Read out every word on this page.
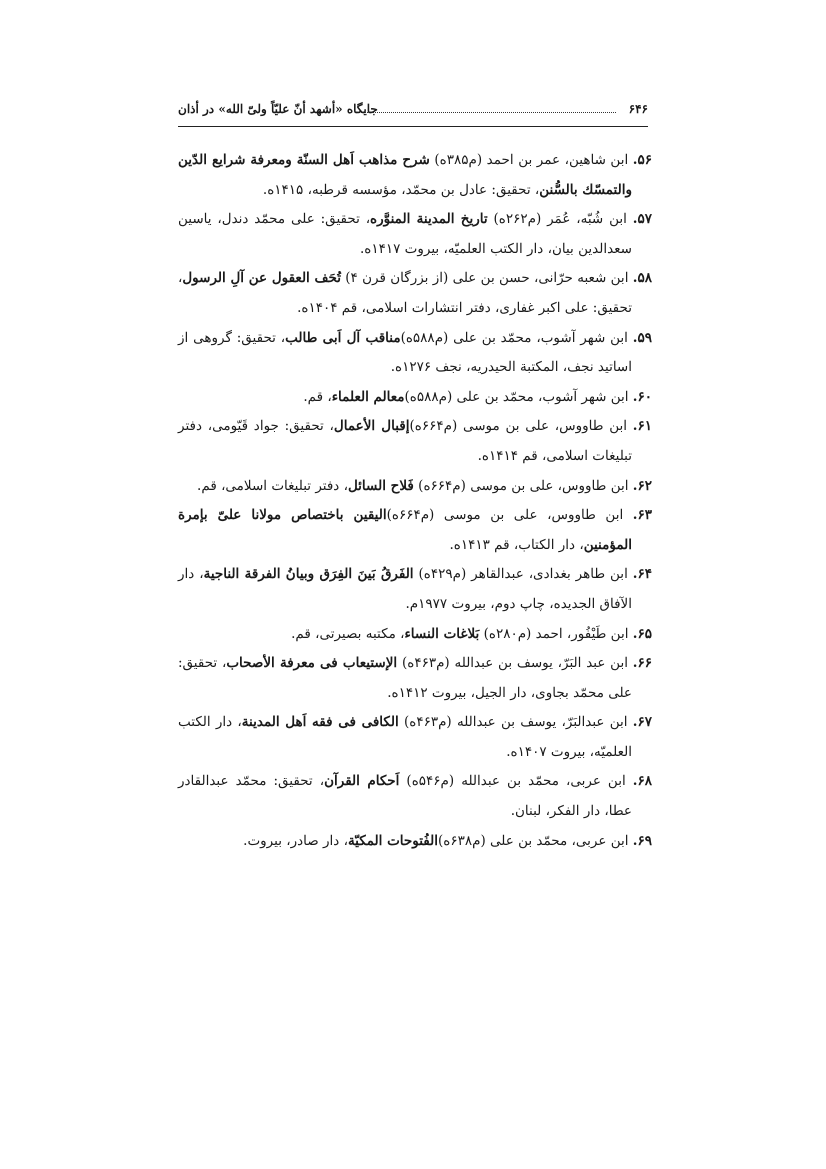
۶۴۶
جایگاه «أشهد أنّ علیّاً ولیّ الله» در أذان

۵۶. ابن شاهین، عمر بن احمد (م۳۸۵ه) شرح مذاهب اَهل السنّة ومعرفة شرایع الدّین والتمسّك بالسُّنن، تحقیق: عادل بن محمّد، مؤسسه قرطبه، ۱۴۱۵ه.

۵۷. ابن شُبّه، عُمَر (م۲۶۲ه) تاریخ المدینة المنوَّره، تحقیق: علی محمّد دندل، یاسین سعدالدین بیان، دار الکتب العلمیّه، بیروت ۱۴۱۷ه.

۵۸. ابن شعبه حرّانی، حسن بن علی (از بزرگان قرن ۴) تُحَف العقول عن آلِ الرسول، تحقیق: علی اکبر غفاری، دفتر انتشارات اسلامی، قم ۱۴۰۴ه.

۵۹. ابن شهر آشوب، محمّد بن علی (م۵۸۸ه)مناقب آل اَبی طالب، تحقیق: گروهی از اساتید نجف، المکتبة الحیدریه، نجف ۱۲۷۶ه.

۶۰. ابن شهر آشوب، محمّد بن علی (م۵۸۸ه)معالم العلماء، قم.

۶۱. ابن طاووس، علی بن موسی (م۶۶۴ه)إقبال الأعمال، تحقیق: جواد قَیّومی، دفتر تبلیغات اسلامی، قم ۱۴۱۴ه.

۶۲. ابن طاووس، علی بن موسی (م۶۶۴ه) فَلاح السائل، دفتر تبلیغات اسلامی، قم.

۶۳. ابن طاووس، علی بن موسی (م۶۶۴ه)الیقین باختصاص مولانا علیّ بإمرة المؤمنین، دار الکتاب، قم ۱۴۱۳ه.

۶۴. ابن طاهر بغدادی، عبدالقاهر (م۴۲۹ه) الفَرقُ بَینَ الفِرَق وبیانُ الفرقة الناجیة، دار الآفاق الجدیده، چاپ دوم، بیروت ۱۹۷۷م.

۶۵. ابن طَیْفُور، احمد (م۲۸۰ه) بَلاغات النساء، مکتبه بصیرتی، قم.

۶۶. ابن عبد البَرّ، یوسف بن عبدالله (م۴۶۳ه) الإستیعاب فی معرفة الأصحاب، تحقیق: علی محمّد بجاوی، دار الجیل، بیروت ۱۴۱۲ه.

۶۷. ابن عبدالبَرّ، یوسف بن عبدالله (م۴۶۳ه) الکافی فی فقه اَهل المدینة، دار الکتب العلمیّه، بیروت ۱۴۰۷ه.

۶۸. ابن عربی، محمّد بن عبدالله (م۵۴۶ه) اَحکام القرآن، تحقیق: محمّد عبدالقادر عطا، دار الفکر، لبنان.

۶۹. ابن عربی، محمّد بن علی (م۶۳۸ه)الفُتوحات المکیّة، دار صادر، بیروت.
